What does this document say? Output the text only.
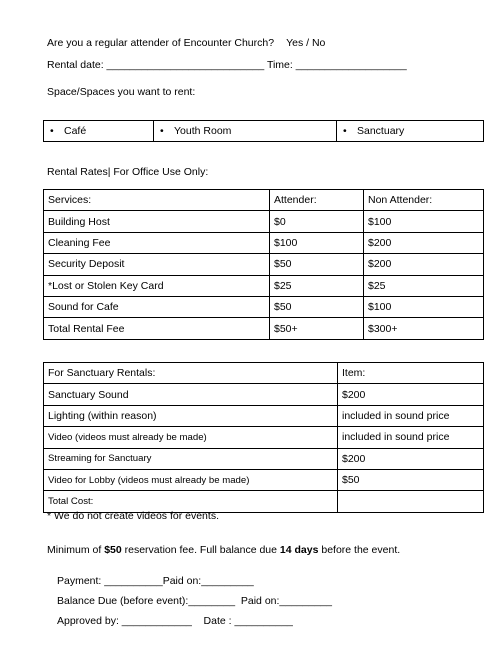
Are you a regular attender of Encounter Church? Yes / No
Rental date: ___________________________ Time: ___________________
Space/Spaces you want to rent:
• Café	• Youth Room	• Sanctuary
Rental Rates| For Office Use Only:
Services:	Attender:	Non Attender:
Building Host	$0	$100
Cleaning Fee	$100	$200
Security Deposit	$50	$200
*Lost or Stolen Key Card	$25	$25
Sound for Cafe	$50	$100
Total Rental Fee	$50+	$300+
For Sanctuary Rentals:	Item:
Sanctuary Sound	$200
Lighting (within reason)	included in sound price
Video (videos must already be made)	included in sound price
Streaming for Sanctuary	$200
Video for Lobby (videos must already be made)	$50
Total Cost:	
* We do not create videos for events.
Minimum of $50 reservation fee. Full balance due 14 days before the event.
Payment: __________Paid on:_________
Balance Due (before event):________  Paid on:_________
Approved by: ____________    Date : __________
